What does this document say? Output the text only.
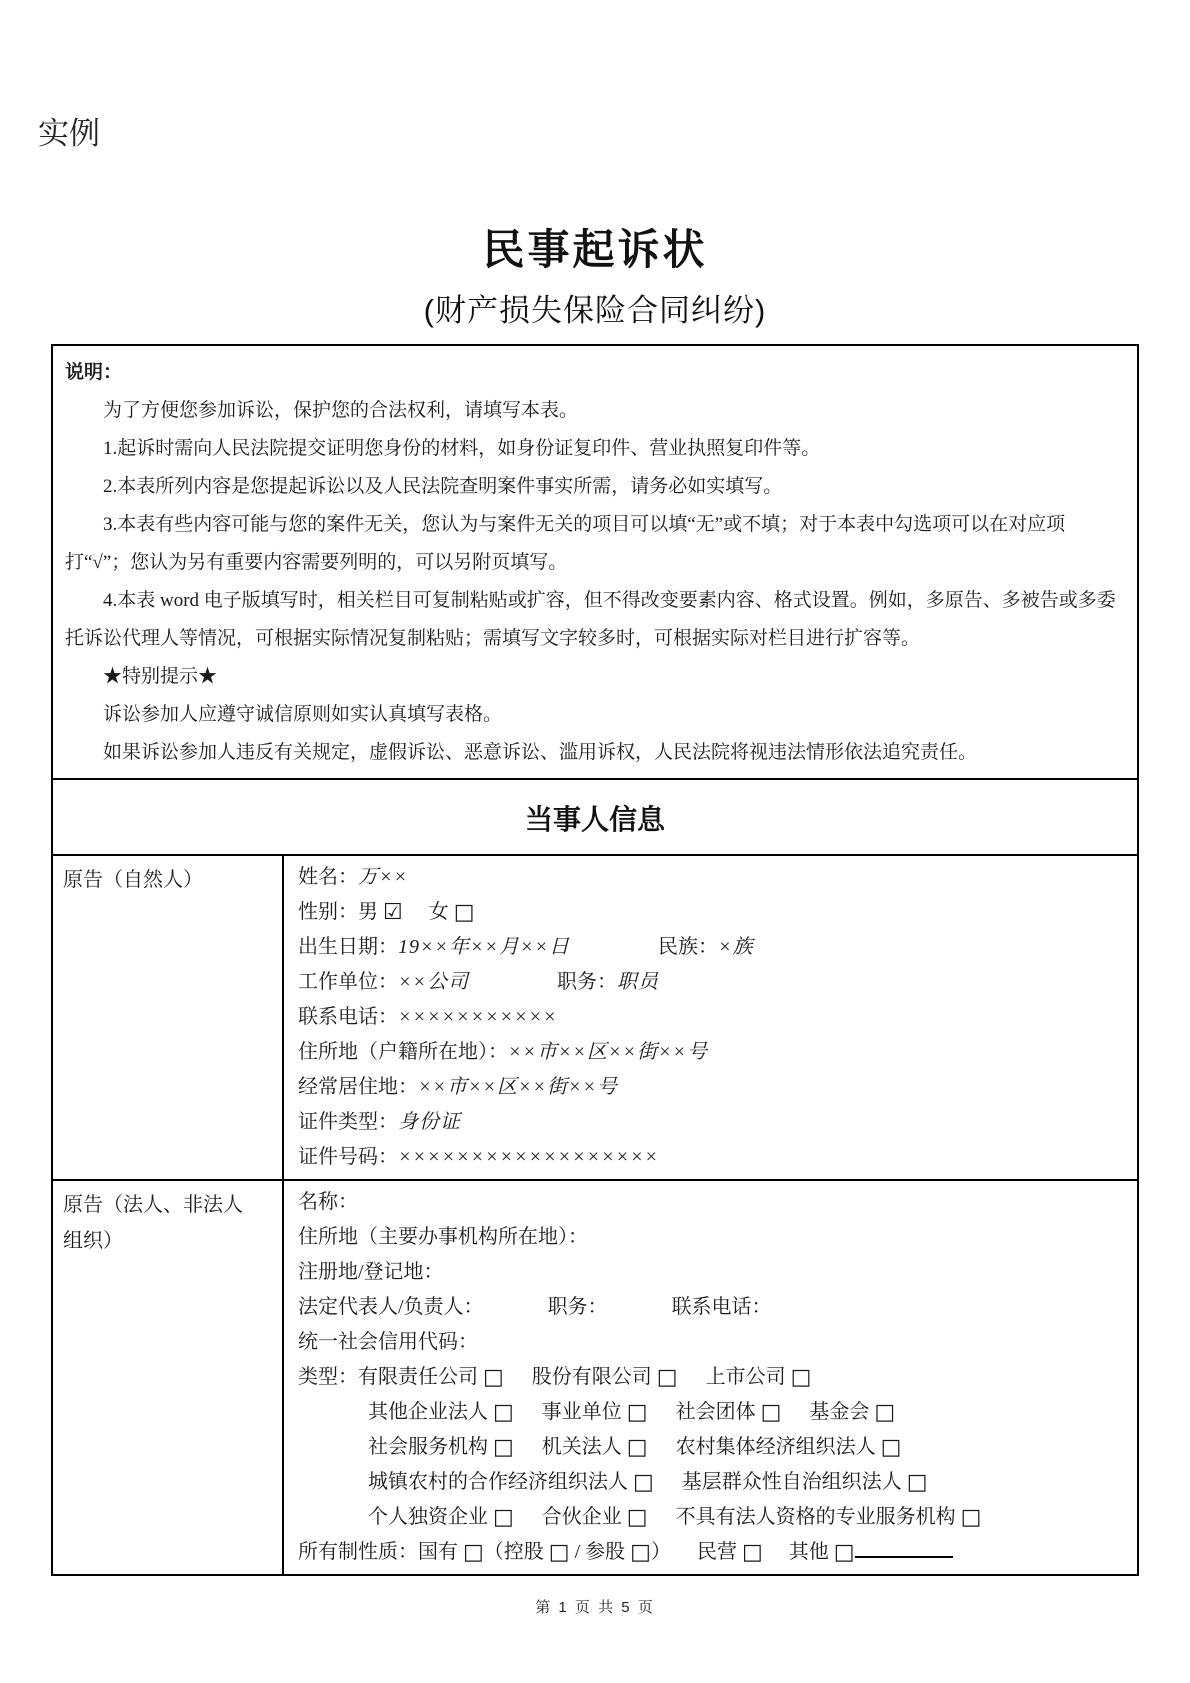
实例
民事起诉状
(财产损失保险合同纠纷)

说明：

为了方便您参加诉讼，保护您的合法权利，请填写本表。

1.起诉时需向人民法院提交证明您身份的材料，如身份证复印件、营业执照复印件等。

2.本表所列内容是您提起诉讼以及人民法院查明案件事实所需，请务必如实填写。

3.本表有些内容可能与您的案件无关，您认为与案件无关的项目可以填“无”或不填；对于本表中勾选项可以在对应项打“√”；您认为另有重要内容需要列明的，可以另附页填写。

4.本表 word 电子版填写时，相关栏目可复制粘贴或扩容，但不得改变要素内容、格式设置。例如，多原告、多被告或多委托诉讼代理人等情况，可根据实际情况复制粘贴；需填写文字较多时，可根据实际对栏目进行扩容等。

★特别提示★

诉讼参加人应遵守诚信原则如实认真填写表格。

如果诉讼参加人违反有关规定，虚假诉讼、恶意诉讼、滥用诉权，人民法院将视违法情形依法追究责任。

当事人信息
原告（自然人）	姓名：万××
性别：男 ☑ 女 □
出生日期：19××年××月××日	民族：×族
工作单位：××公司	职务：职员
联系电话：×××××××××××
住所地（户籍所在地）：××市××区××街××号
经常居住地：××市××区××街××号
证件类型：身份证
证件号码：××××××××××××××××××

原告（法人、非法人
组织）

名称：
住所地（主要办事机构所在地）：
注册地/登记地：
法定代表人/负责人：	职务：	联系电话：
统一社会信用代码：
类型：有限责任公司 □ 股份有限公司 □ 上市公司 □
其他企业法人 □ 事业单位 □ 社会团体 □ 基金会 □
社会服务机构 □ 机关法人 □ 农村集体经济组织法人 □
城镇农村的合作经济组织法人 □ 基层群众性自治组织法人 □
个人独资企业 □ 合伙企业 □ 不具有法人资格的专业服务机构 □
所有制性质：国有 □（控股 □ / 参股 □） 民营 □ 其他 □
第 1 页 共 5 页
